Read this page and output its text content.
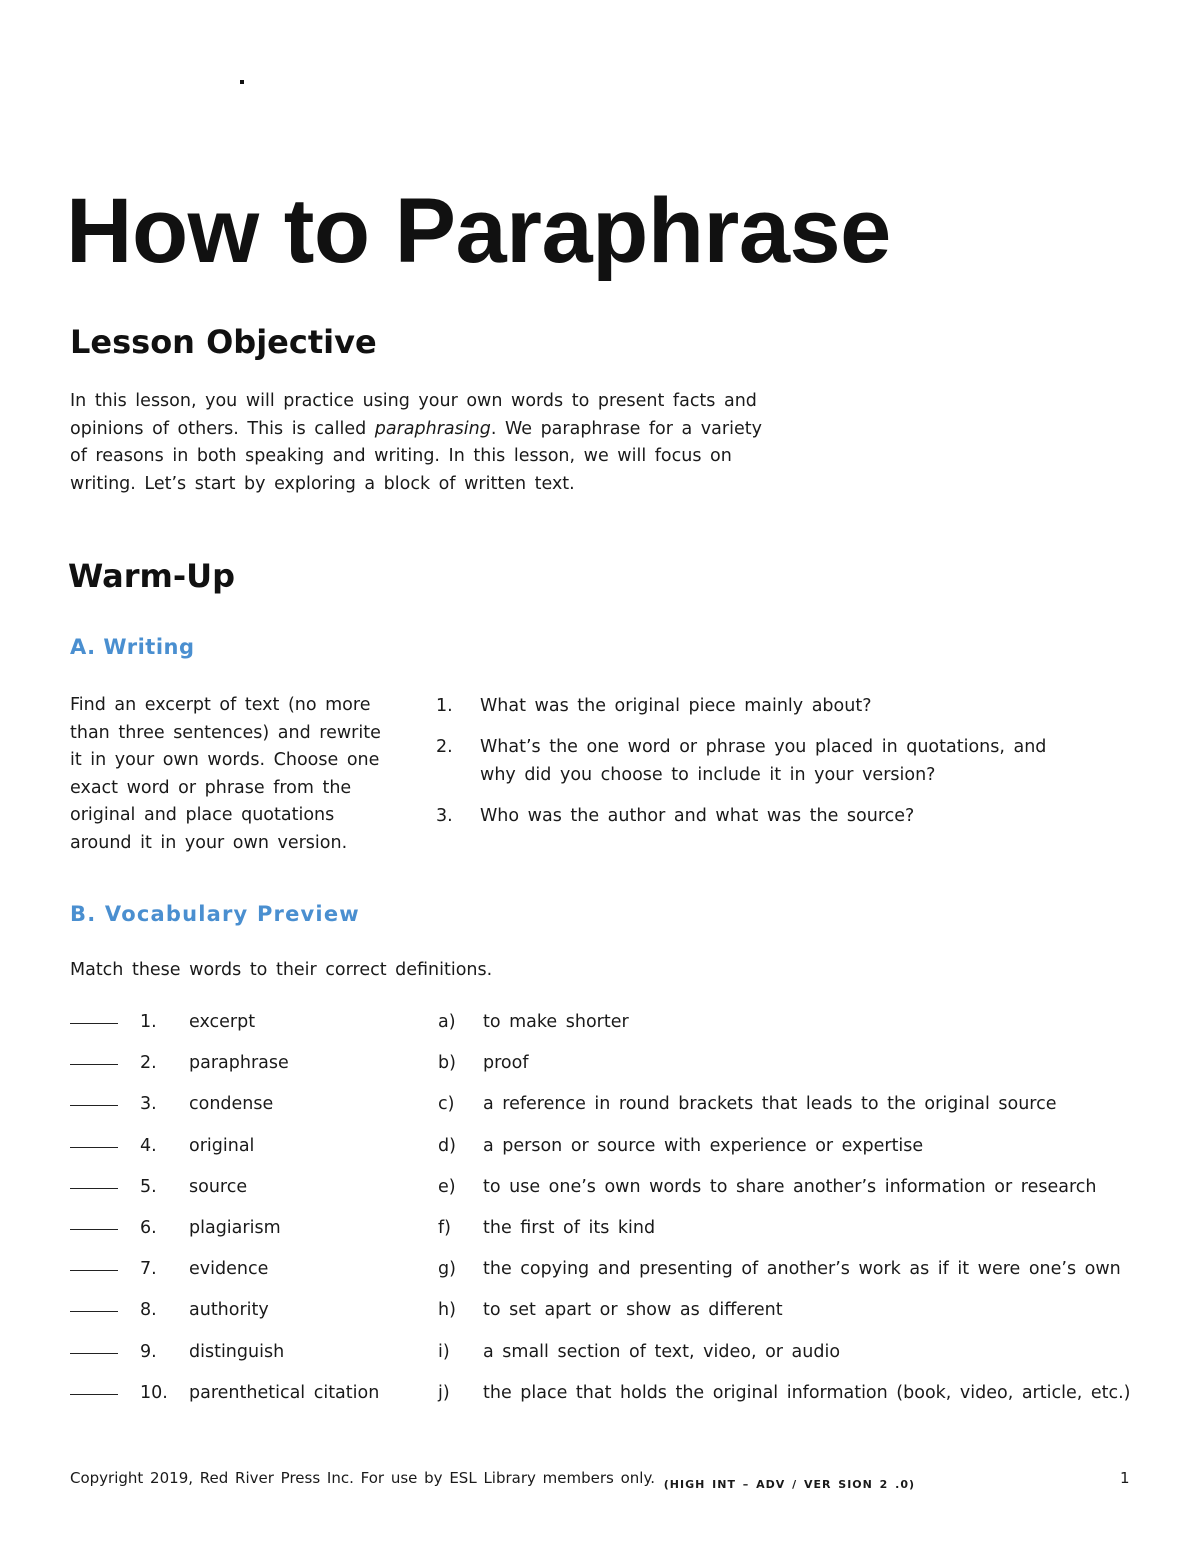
How to Paraphrase
Lesson Objective

In this lesson, you will practice using your own words to present facts and opinions of others. This is called paraphrasing. We paraphrase for a variety of reasons in both speaking and writing. In this lesson, we will focus on writing. Let’s start by exploring a block of written text.

Warm-Up
A. Writing

Find an excerpt of text (no more than three sentences) and rewrite it in your own words. Choose one exact word or phrase from the original and place quotations around it in your own version.

1.	What was the original piece mainly about?
2.	What’s the one word or phrase you placed in quotations, and why did you choose to include it in your version?
3.	Who was the author and what was the source?
B. Vocabulary Preview

Match these words to their correct definitions.

1. excerpt	a) to make shorter
2. paraphrase	b) proof
3. condense	c) a reference in round brackets that leads to the original source
4. original	d) a person or source with experience or expertise
5. source	e) to use one’s own words to share another’s information or research
6. plagiarism	f) the first of its kind
7. evidence	g) the copying and presenting of another’s work as if it were one’s own
8. authority	h) to set apart or show as different
9. distinguish	i) a small section of text, video, or audio
10. parenthetical citation	j) the place that holds the original information (book, video, article, etc.)
Copyright 2019, Red River Press Inc. For use by ESL Library members only. $_{(HIGH INT - ADV / VER SION 2 .0)}$	1
